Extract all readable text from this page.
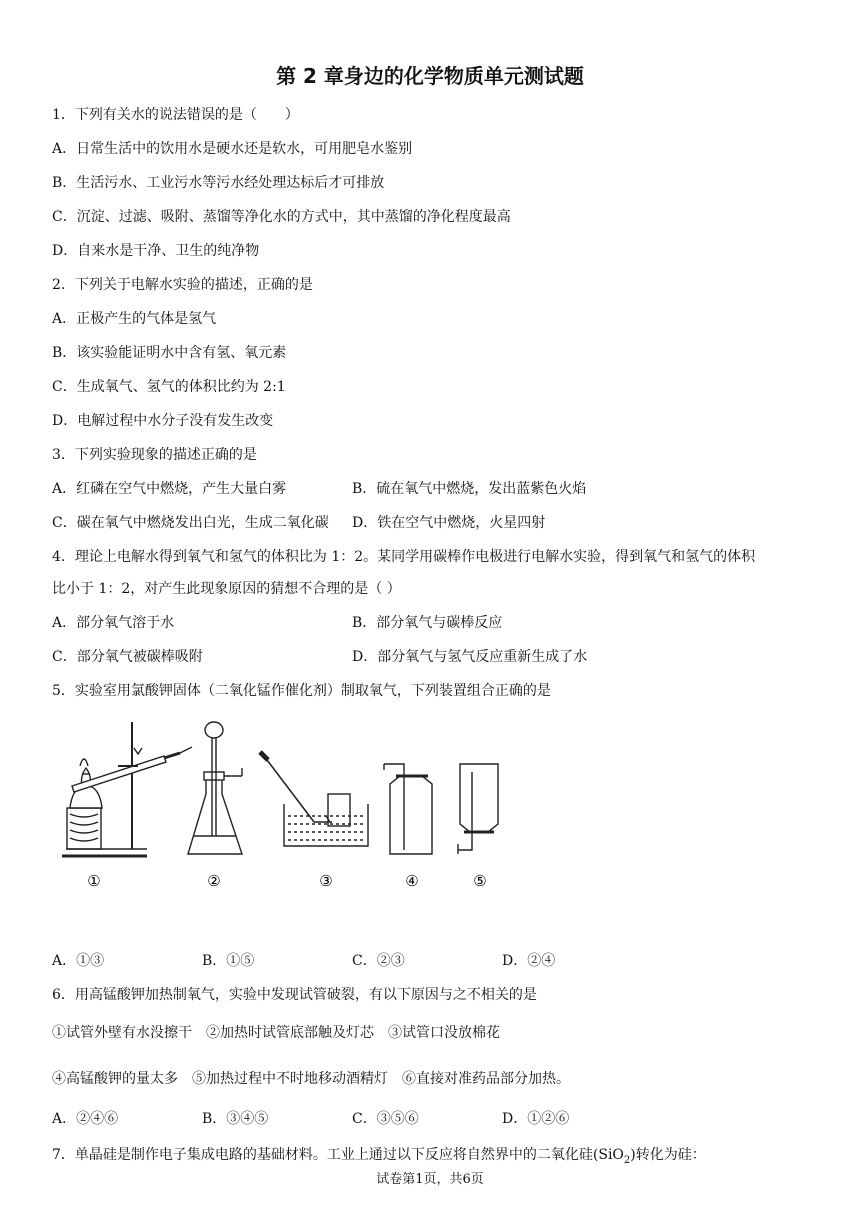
第 2 章身边的化学物质单元测试题
1．下列有关水的说法错误的是（　　）
A．日常生活中的饮用水是硬水还是软水，可用肥皂水鉴别
B．生活污水、工业污水等污水经处理达标后才可排放
C．沉淀、过滤、吸附、蒸馏等净化水的方式中，其中蒸馏的净化程度最高
D．自来水是干净、卫生的纯净物
2．下列关于电解水实验的描述，正确的是
A．正极产生的气体是氢气
B．该实验能证明水中含有氢、氧元素
C．生成氧气、氢气的体积比约为 2:1
D．电解过程中水分子没有发生改变
3．下列实验现象的描述正确的是
A．红磷在空气中燃烧，产生大量白雾	B．硫在氧气中燃烧，发出蓝紫色火焰
C．碳在氧气中燃烧发出白光，生成二氧化碳 D．铁在空气中燃烧，火星四射
4．理论上电解水得到氧气和氢气的体积比为 1：2。某同学用碳棒作电极进行电解水实验，得到氧气和氢气的体积
比小于 1：2，对产生此现象原因的猜想不合理的是（ ）
A．部分氧气溶于水	B．部分氧气与碳棒反应
C．部分氧气被碳棒吸附	D．部分氧气与氢气反应重新生成了水
5．实验室用氯酸钾固体（二氧化锰作催化剂）制取氧气，下列装置组合正确的是
①	②	③	④	⑤
A．①③	B．①⑤	C．②③	D．②④
6．用高锰酸钾加热制氧气，实验中发现试管破裂，有以下原因与之不相关的是
①试管外壁有水没擦干　②加热时试管底部触及灯芯　③试管口没放棉花
④高锰酸钾的量太多　⑤加热过程中不时地移动酒精灯　⑥直接对准药品部分加热。
A．②④⑥	B．③④⑤	C．③⑤⑥	D．①②⑥
7．单晶硅是制作电子集成电路的基础材料。工业上通过以下反应将自然界中的二氧化硅(SiO$_2$)转化为硅：
试卷第1页，共6页
